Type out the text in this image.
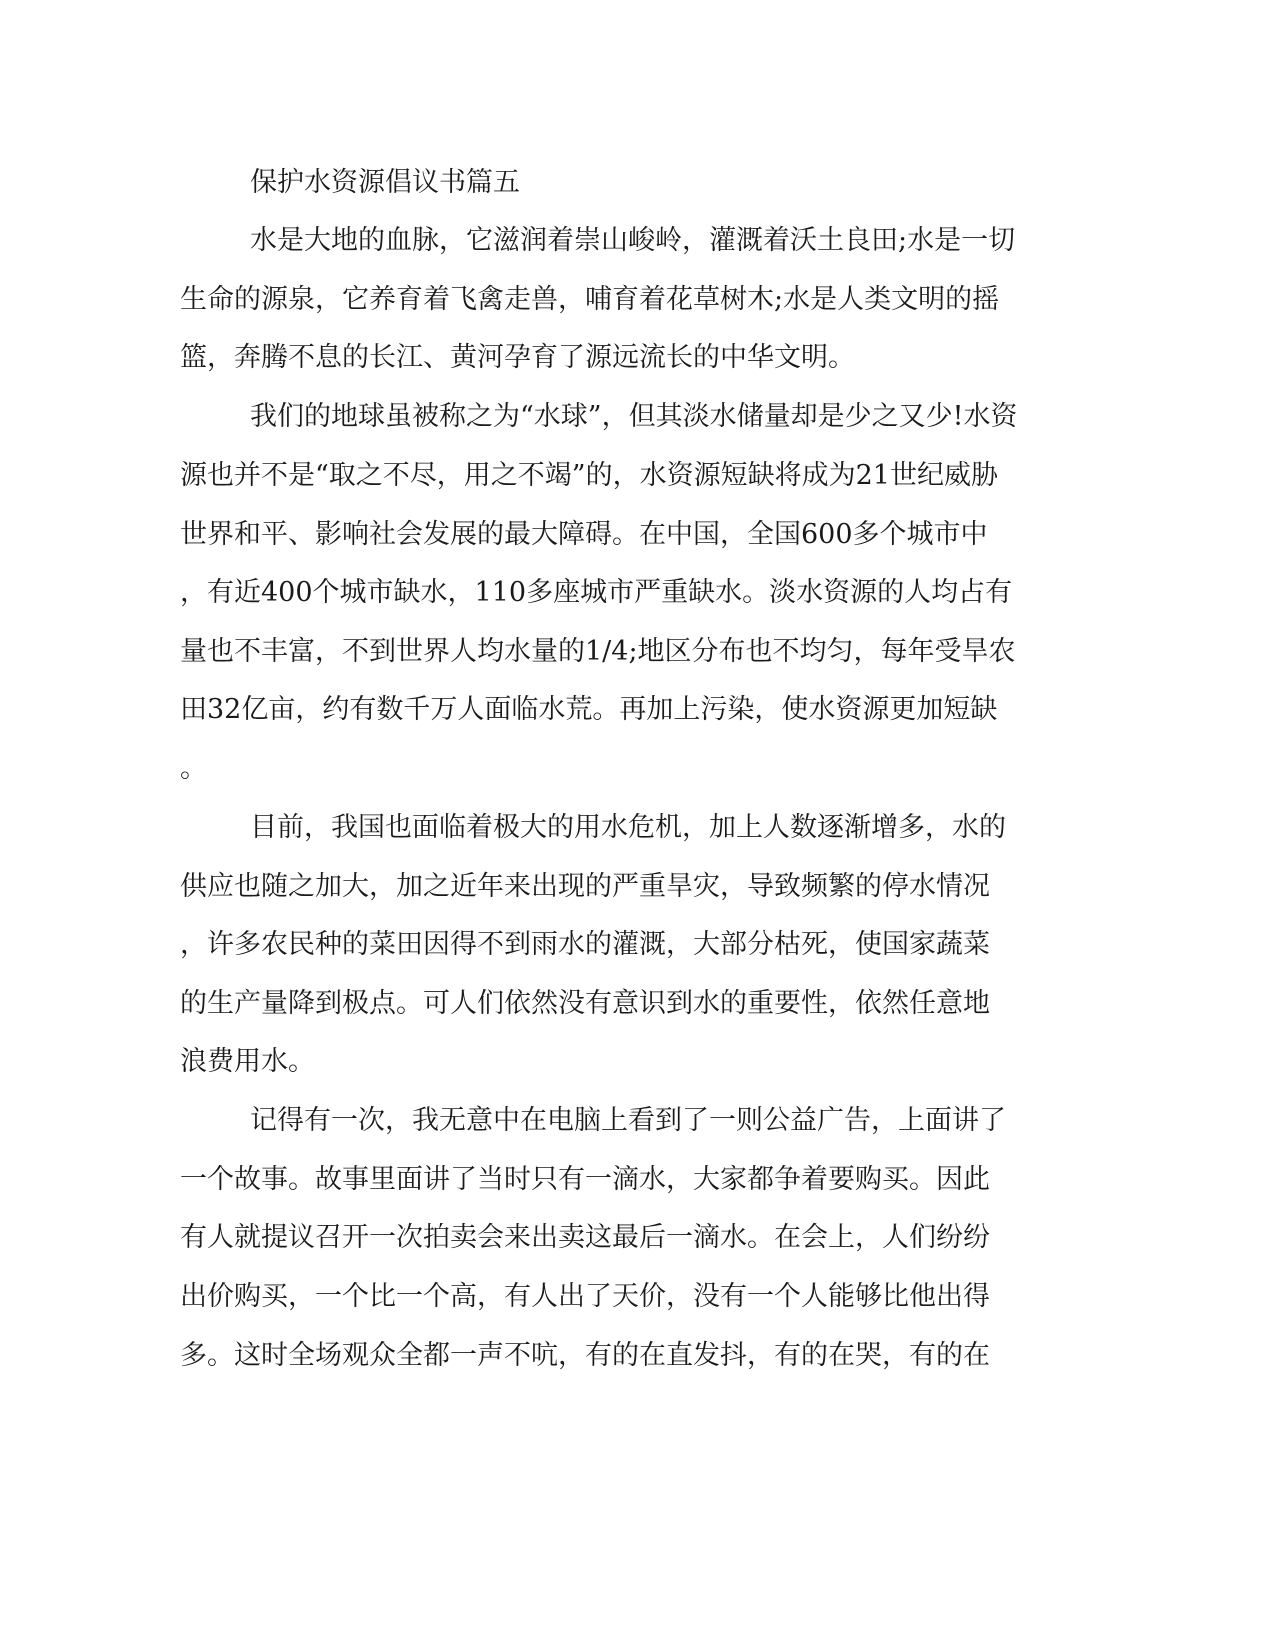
保护水资源倡议书篇五
水是大地的血脉，它滋润着崇山峻岭，灌溉着沃土良田;水是一切
生命的源泉，它养育着飞禽走兽，哺育着花草树木;水是人类文明的摇
篮，奔腾不息的长江、黄河孕育了源远流长的中华文明。
我们的地球虽被称之为“水球”，但其淡水储量却是少之又少!水资
源也并不是“取之不尽，用之不竭”的，水资源短缺将成为21世纪威胁
世界和平、影响社会发展的最大障碍。在中国，全国600多个城市中
，有近400个城市缺水，110多座城市严重缺水。淡水资源的人均占有
量也不丰富，不到世界人均水量的1/4;地区分布也不均匀，每年受旱农
田32亿亩，约有数千万人面临水荒。再加上污染，使水资源更加短缺
。
目前，我国也面临着极大的用水危机，加上人数逐渐增多，水的
供应也随之加大，加之近年来出现的严重旱灾，导致频繁的停水情况
，许多农民种的菜田因得不到雨水的灌溉，大部分枯死，使国家蔬菜
的生产量降到极点。可人们依然没有意识到水的重要性，依然任意地
浪费用水。
记得有一次，我无意中在电脑上看到了一则公益广告，上面讲了
一个故事。故事里面讲了当时只有一滴水，大家都争着要购买。因此
有人就提议召开一次拍卖会来出卖这最后一滴水。在会上，人们纷纷
出价购买，一个比一个高，有人出了天价，没有一个人能够比他出得
多。这时全场观众全都一声不吭，有的在直发抖，有的在哭，有的在
